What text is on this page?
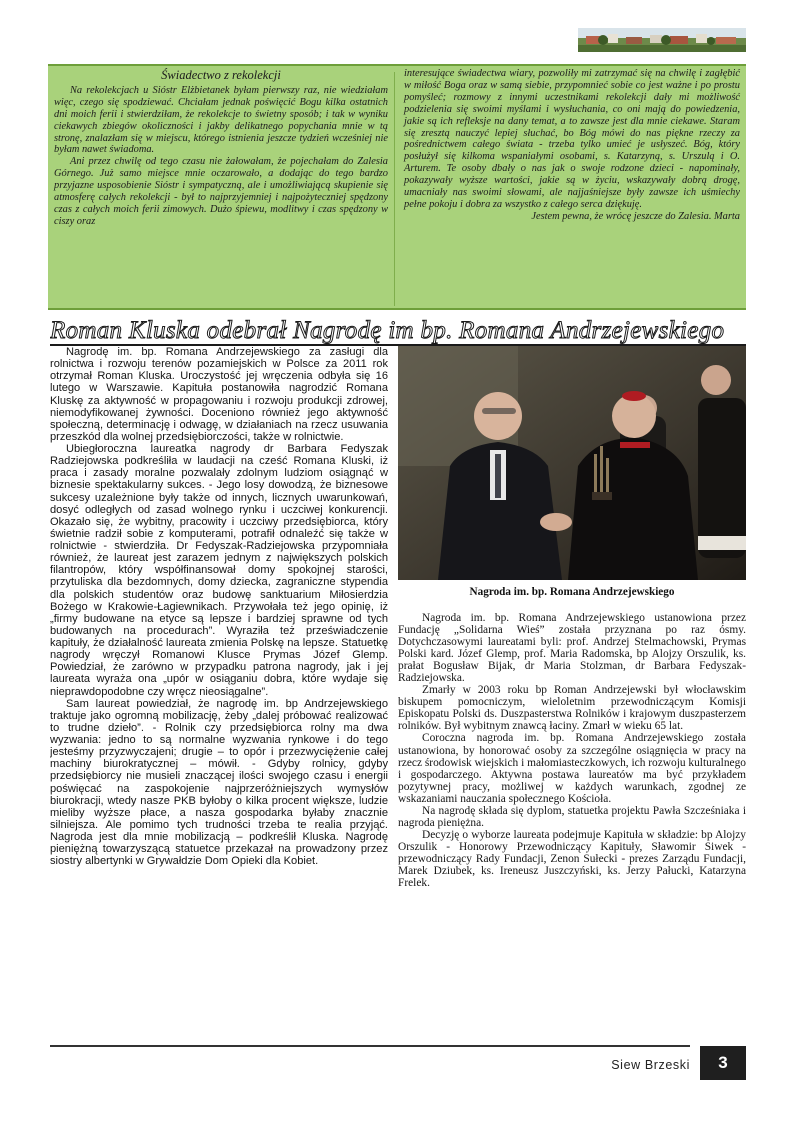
Świadectwo z rekolekcji

Na rekolekcjach u Sióstr Elżbietanek byłam pierwszy raz, nie wiedziałam więc, czego się spodziewać. Chciałam jednak poświęcić Bogu kilka ostatnich dni moich ferii i stwierdziłam, że rekolekcje to świetny sposób; i tak w wyniku ciekawych zbiegów okoliczności i jakby delikatnego popychania mnie w tą stronę, znalazłam się w miejscu, którego istnienia jeszcze tydzień wcześniej nie byłam nawet świadoma.

Ani przez chwilę od tego czasu nie żałowałam, że pojechałam do Zalesia Górnego. Już samo miejsce mnie oczarowało, a dodając do tego bardzo przyjazne usposobienie Sióstr i sympatyczną, ale i umożliwiającą skupienie się atmosferę całych rekolekcji - był to najprzyjemniej i najpożyteczniej spędzony czas z całych moich ferii zimowych. Dużo śpiewu, modlitwy i czas spędzony w ciszy oraz

interesujące świadectwa wiary, pozwoliły mi zatrzymać się na chwilę i zagłębić w miłość Boga oraz w samą siebie, przypomnieć sobie co jest ważne i po prostu pomyśleć; rozmowy z innymi uczestnikami rekolekcji dały mi możliwość podzielenia się swoimi myślami i wysłuchania, co oni mają do powiedzenia, jakie są ich refleksje na dany temat, a to zawsze jest dla mnie ciekawe. Staram się zresztą nauczyć lepiej słuchać, bo Bóg mówi do nas piękne rzeczy za pośrednictwem całego świata - trzeba tylko umieć je usłyszeć. Bóg, który posłużył się kilkoma wspaniałymi osobami, s. Katarzyną, s. Urszulą i O. Arturem. Te osoby dbały o nas jak o swoje rodzone dzieci - napominały, pokazywały wyższe wartości, jakie są w życiu, wskazywały dobrą drogę, umacniały nas swoimi słowami, ale najjaśniejsze były zawsze ich uśmiechy pełne pokoju i dobra za wszystko z całego serca dziękuję.

Jestem pewna, że wrócę jeszcze do Zalesia. Marta

Roman Kluska odebrał Nagrodę im bp. Romana Andrzejewskiego

Nagrodę im. bp. Romana Andrzejewskiego za zasługi dla rolnictwa i rozwoju terenów pozamiejskich w Polsce za 2011 rok otrzymał Roman Kluska. Uroczystość jej wręczenia odbyła się 16 lutego w Warszawie. Kapituła postanowiła nagrodzić Romana Kluskę za aktywność w propagowaniu i rozwoju produkcji zdrowej, niemodyfikowanej żywności. Doceniono również jego aktywność społeczną, determinację i odwagę, w działaniach na rzecz usuwania przeszkód dla wolnej przedsiębiorczości, także w rolnictwie.

Ubiegłoroczna laureatka nagrody dr Barbara Fedyszak Radziejowska podkreśliła w laudacji na cześć Romana Kluski, iż praca i zasady moralne pozwalały zdolnym ludziom osiągnąć w biznesie spektakularny sukces. - Jego losy dowodzą, że biznesowe sukcesy uzależnione były także od innych, licznych uwarunkowań, dosyć odległych od zasad wolnego rynku i uczciwej konkurencji. Okazało się, że wybitny, pracowity i uczciwy przedsiębiorca, który świetnie radził sobie z komputerami, potrafił odnaleźć się także w rolnictwie - stwierdziła. Dr Fedyszak-Radziejowska przypomniała również, że laureat jest zarazem jednym z największych polskich filantropów, który współfinansował domy spokojnej starości, przytuliska dla bezdomnych, domy dziecka, zagraniczne stypendia dla polskich studentów oraz budowę sanktuarium Miłosierdzia Bożego w Krakowie-Łagiewnikach. Przywołała też jego opinię, iż „firmy budowane na etyce są lepsze i bardziej sprawne od tych budowanych na procedurach”. Wyraziła też przeświadczenie kapituły, że działalność laureata zmienia Polskę na lepsze. Statuetkę nagrody wręczył Romanowi Klusce Prymas Józef Glemp. Powiedział, że zarówno w przypadku patrona nagrody, jak i jej laureata wyraża ona „upór w osiąganiu dobra, które wydaje się nieprawdopodobne czy wręcz nieosiągalne”.

Sam laureat powiedział, że nagrodę im. bp Andrzejewskiego traktuje jako ogromną mobilizację, żeby „dalej próbować realizować to trudne dzieło”. - Rolnik czy przedsiębiorca rolny ma dwa wyzwania: jedno to są normalne wyzwania rynkowe i do tego jesteśmy przyzwyczajeni; drugie – to opór i przezwyciężenie całej machiny biurokratycznej – mówił. - Gdyby rolnicy, gdyby przedsiębiorcy nie musieli znaczącej ilości swojego czasu i energii poświęcać na zaspokojenie najprzeróżniejszych wymysłów biurokracji, wtedy nasze PKB byłoby o kilka procent większe, ludzie mieliby wyższe płace, a nasza gospodarka byłaby znacznie silniejsza. Ale pomimo tych trudności trzeba te realia przyjąć. Nagroda jest dla mnie mobilizacją – podkreślił Kluska. Nagrodę pieniężną towarzyszącą statuetce przekazał na prowadzony przez siostry albertynki w Grywałdzie Dom Opieki dla Kobiet.

Nagroda im. bp. Romana Andrzejewskiego

Nagroda im. bp. Romana Andrzejewskiego ustanowiona przez Fundację „Solidarna Wieś” została przyznana po raz ósmy. Dotychczasowymi laureatami byli: prof. Andrzej Stelmachowski, Prymas Polski kard. Józef Glemp, prof. Maria Radomska, bp Alojzy Orszulik, ks. prałat Bogusław Bijak, dr Maria Stolzman, dr Barbara Fedyszak-Radziejowska.

Zmarły w 2003 roku bp Roman Andrzejewski był włocławskim biskupem pomocniczym, wieloletnim przewodniczącym Komisji Episkopatu Polski ds. Duszpasterstwa Rolników i krajowym duszpasterzem rolników. Był wybitnym znawcą łaciny. Zmarł w wieku 65 lat.

Coroczna nagroda im. bp. Romana Andrzejewskiego została ustanowiona, by honorować osoby za szczególne osiągnięcia w pracy na rzecz środowisk wiejskich i małomiasteczkowych, ich rozwoju kulturalnego i gospodarczego. Aktywna postawa laureatów ma być przykładem pozytywnej pracy, możliwej w każdych warunkach, zgodnej ze wskazaniami nauczania społecznego Kościoła.

Na nagrodę składa się dyplom, statuetka projektu Pawła Szcześniaka i nagroda pieniężna.

Decyzję o wyborze laureata podejmuje Kapituła w składzie: bp Alojzy Orszulik - Honorowy Przewodniczący Kapituły, Sławomir Siwek - przewodniczący Rady Fundacji, Zenon Sułecki - prezes Zarządu Fundacji, Marek Dziubek, ks. Ireneusz Juszczyński, ks. Jerzy Pałucki, Katarzyna Frelek.

Siew Brzeski	3
